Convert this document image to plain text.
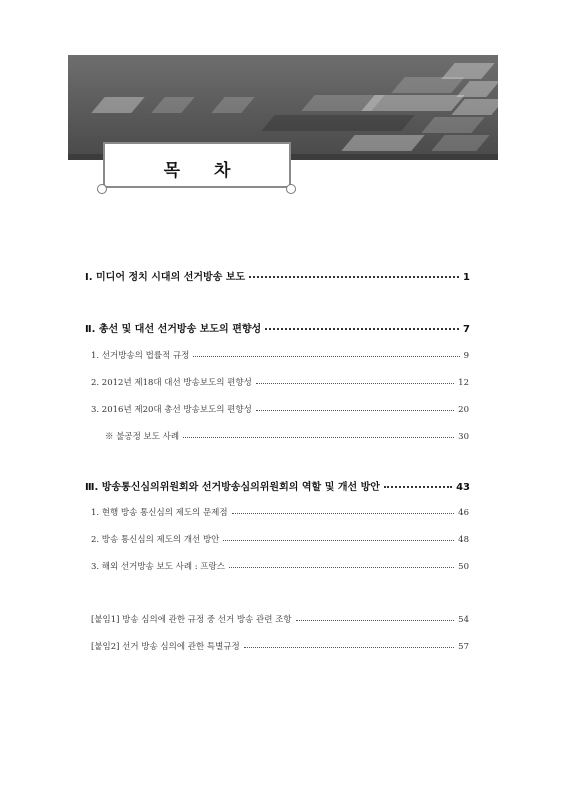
목 차
Ⅰ. 미디어 정치 시대의 선거방송 보도	1
Ⅱ. 총선 및 대선 선거방송 보도의 편향성	7
1. 선거방송의 법률적 규정	9
2. 2012년 제18대 대선 방송보도의 편향성	12
3. 2016년 제20대 총선 방송보도의 편향성	20
※ 불공정 보도 사례	30
Ⅲ. 방송통신심의위원회와 선거방송심의위원회의 역할 및 개선 방안	43
1. 현행 방송 통신심의 제도의 문제점	46
2. 방송 통신심의 제도의 개선 방안	48
3. 해외 선거방송 보도 사례 : 프랑스	50
[붙임1] 방송 심의에 관한 규정 중 선거 방송 관련 조항	54
[붙임2] 선거 방송 심의에 관한 특별규정	57
